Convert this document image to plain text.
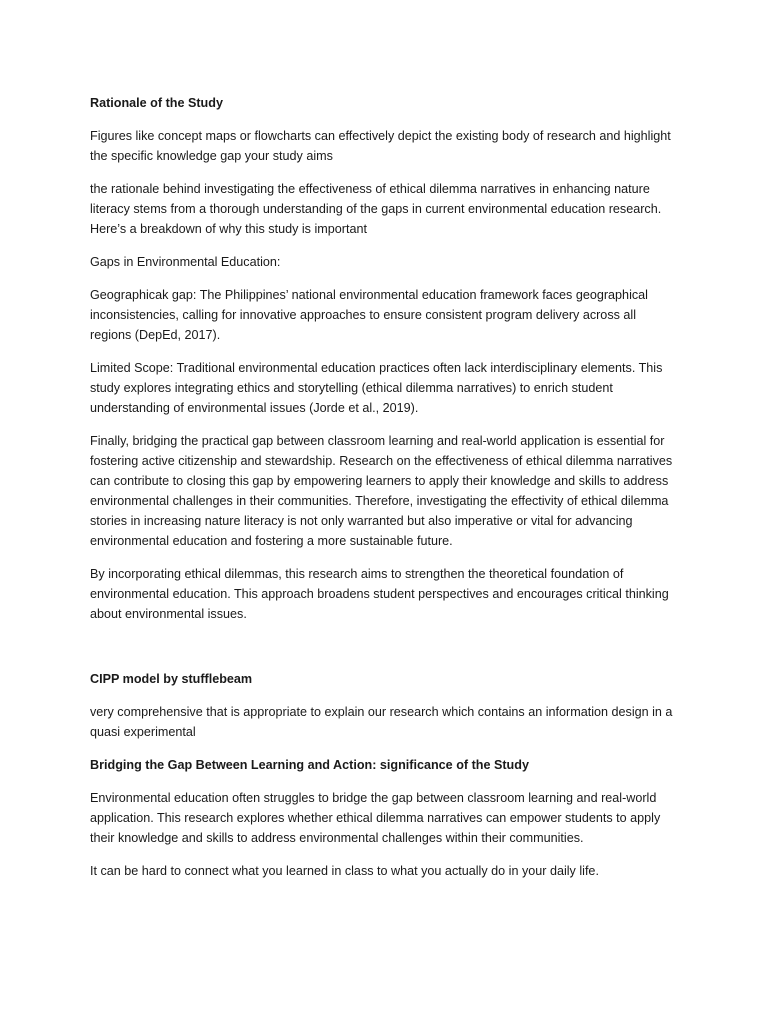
Rationale of the Study

Figures like concept maps or flowcharts can effectively depict the existing body of research and highlight the specific knowledge gap your study aims

the rationale behind investigating the effectiveness of ethical dilemma narratives in enhancing nature literacy stems from a thorough understanding of the gaps in current environmental education research. Here’s a breakdown of why this study is important

Gaps in Environmental Education:

Geographicak gap: The Philippines’ national environmental education framework faces geographical inconsistencies, calling for innovative approaches to ensure consistent program delivery across all regions (DepEd, 2017).

Limited Scope: Traditional environmental education practices often lack interdisciplinary elements. This study explores integrating ethics and storytelling (ethical dilemma narratives) to enrich student understanding of environmental issues (Jorde et al., 2019).

Finally, bridging the practical gap between classroom learning and real-world application is essential for fostering active citizenship and stewardship. Research on the effectiveness of ethical dilemma narratives can contribute to closing this gap by empowering learners to apply their knowledge and skills to address environmental challenges in their communities. Therefore, investigating the effectivity of ethical dilemma stories in increasing nature literacy is not only warranted but also imperative or vital for advancing environmental education and fostering a more sustainable future.

By incorporating ethical dilemmas, this research aims to strengthen the theoretical foundation of environmental education. This approach broadens student perspectives and encourages critical thinking about environmental issues.

CIPP model by stufflebeam

very comprehensive that is appropriate to explain our research which contains an information design in a quasi experimental

Bridging the Gap Between Learning and Action: significance of the Study

Environmental education often struggles to bridge the gap between classroom learning and real-world application. This research explores whether ethical dilemma narratives can empower students to apply their knowledge and skills to address environmental challenges within their communities.

It can be hard to connect what you learned in class to what you actually do in your daily life.
